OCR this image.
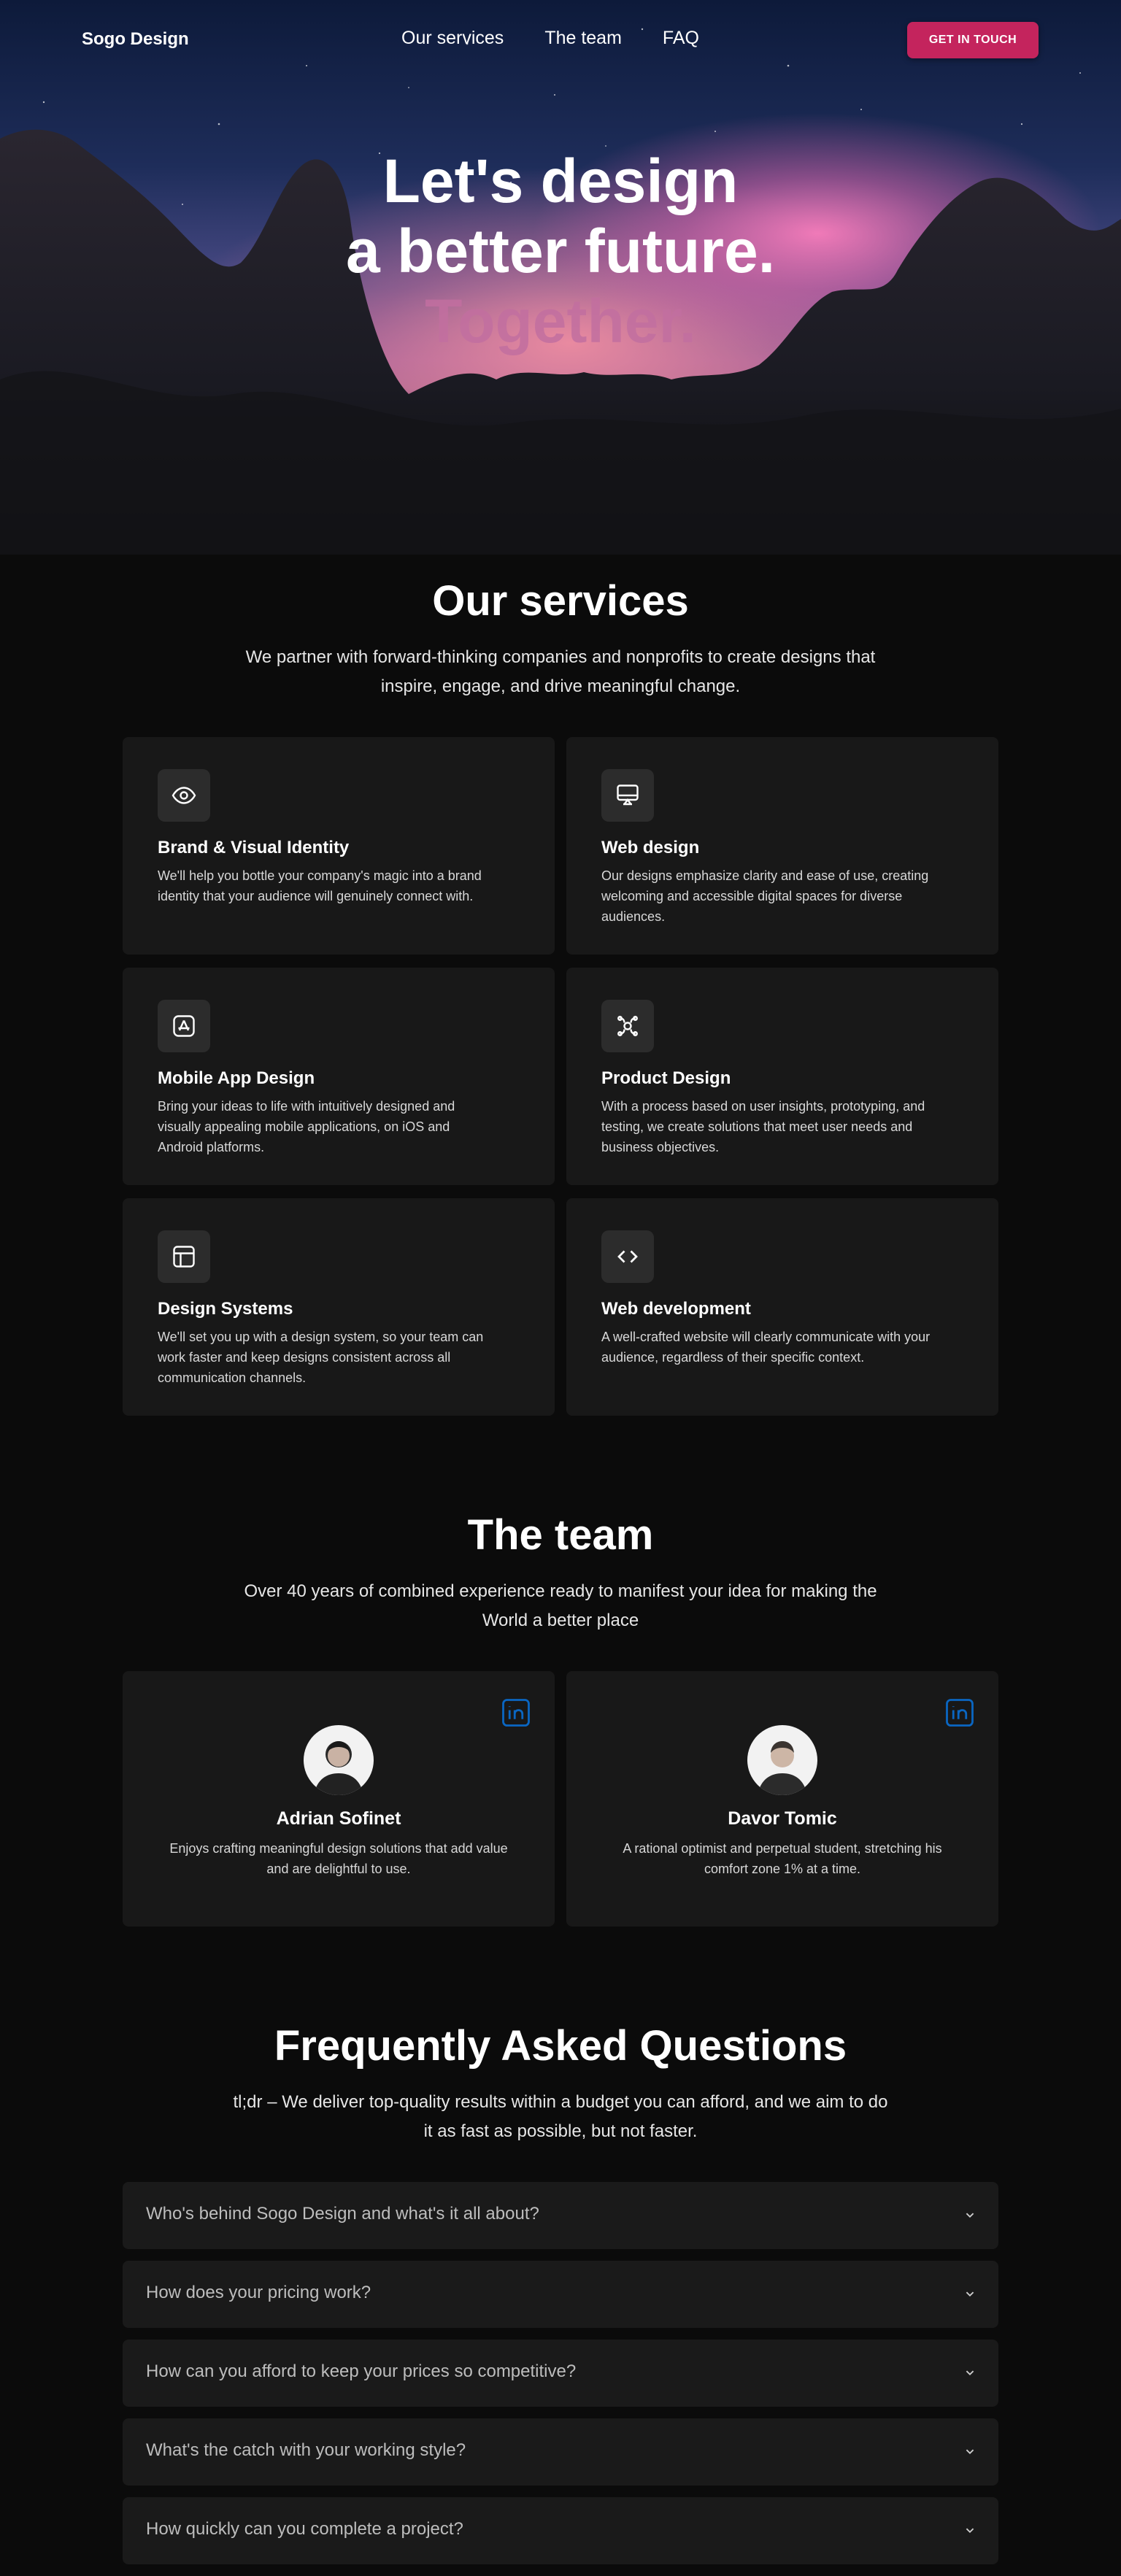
Sogo Design	Our services The team FAQ	GET IN TOUCH
Let's design
a better future.
Together.
Our services
We partner with forward-thinking companies and nonprofits to create designs that inspire, engage, and drive meaningful change.
Brand & Visual Identity
We'll help you bottle your company's magic into a brand identity that your audience will genuinely connect with.
Web design
Our designs emphasize clarity and ease of use, creating welcoming and accessible digital spaces for diverse audiences.
Mobile App Design
Bring your ideas to life with intuitively designed and visually appealing mobile applications, on iOS and Android platforms.
Product Design
With a process based on user insights, prototyping, and testing, we create solutions that meet user needs and business objectives.
Design Systems
We'll set you up with a design system, so your team can work faster and keep designs consistent across all communication channels.
Web development
A well-crafted website will clearly communicate with your audience, regardless of their specific context.
The team
Over 40 years of combined experience ready to manifest your idea for making the World a better place
Adrian Sofinet
Enjoys crafting meaningful design solutions that add value and are delightful to use.
Davor Tomic
A rational optimist and perpetual student, stretching his comfort zone 1% at a time.
Frequently Asked Questions
tl;dr – We deliver top-quality results within a budget you can afford, and we aim to do it as fast as possible, but not faster.
Who's behind Sogo Design and what's it all about?
How does your pricing work?
How can you afford to keep your prices so competitive?
What's the catch with your working style?
How quickly can you complete a project?
